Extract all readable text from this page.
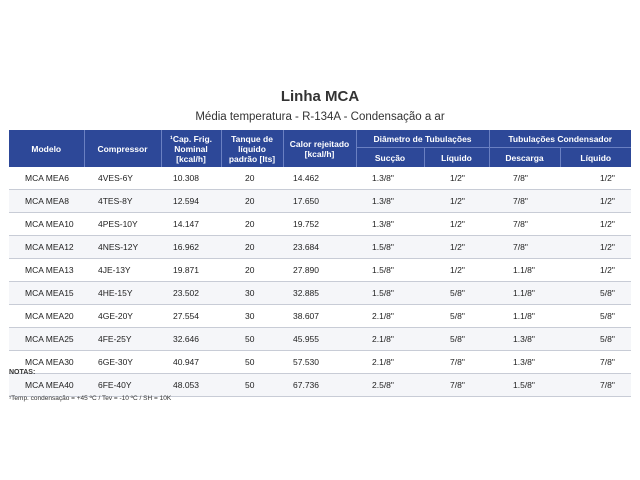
Linha MCA
Média temperatura - R-134A - Condensação a ar
Modelo	Compressor	¹Cap. Frig. Nominal [kcal/h]	Tanque de líquido padrão [lts]	Calor rejeitado [kcal/h]	Diâmetro de Tubulações		Tubulações Condensador	
					Sucção	Líquido	Descarga	Líquido
MCA MEA6	4VES-6Y	10.308	20	14.462	1.3/8"	1/2"	7/8"	1/2"
MCA MEA8	4TES-8Y	12.594	20	17.650	1.3/8"	1/2"	7/8"	1/2"
MCA MEA10	4PES-10Y	14.147	20	19.752	1.3/8"	1/2"	7/8"	1/2"
MCA MEA12	4NES-12Y	16.962	20	23.684	1.5/8"	1/2"	7/8"	1/2"
MCA MEA13	4JE-13Y	19.871	20	27.890	1.5/8"	1/2"	1.1/8"	1/2"
MCA MEA15	4HE-15Y	23.502	30	32.885	1.5/8"	5/8"	1.1/8"	5/8"
MCA MEA20	4GE-20Y	27.554	30	38.607	2.1/8"	5/8"	1.1/8"	5/8"
MCA MEA25	4FE-25Y	32.646	50	45.955	2.1/8"	5/8"	1.3/8"	5/8"
MCA MEA30	6GE-30Y	40.947	50	57.530	2.1/8"	7/8"	1.3/8"	7/8"
MCA MEA40	6FE-40Y	48.053	50	67.736	2.5/8"	7/8"	1.5/8"	7/8"
NOTAS:
¹Temp. condensação = +45 ºC / Tev = -10 ºC / SH = 10K
